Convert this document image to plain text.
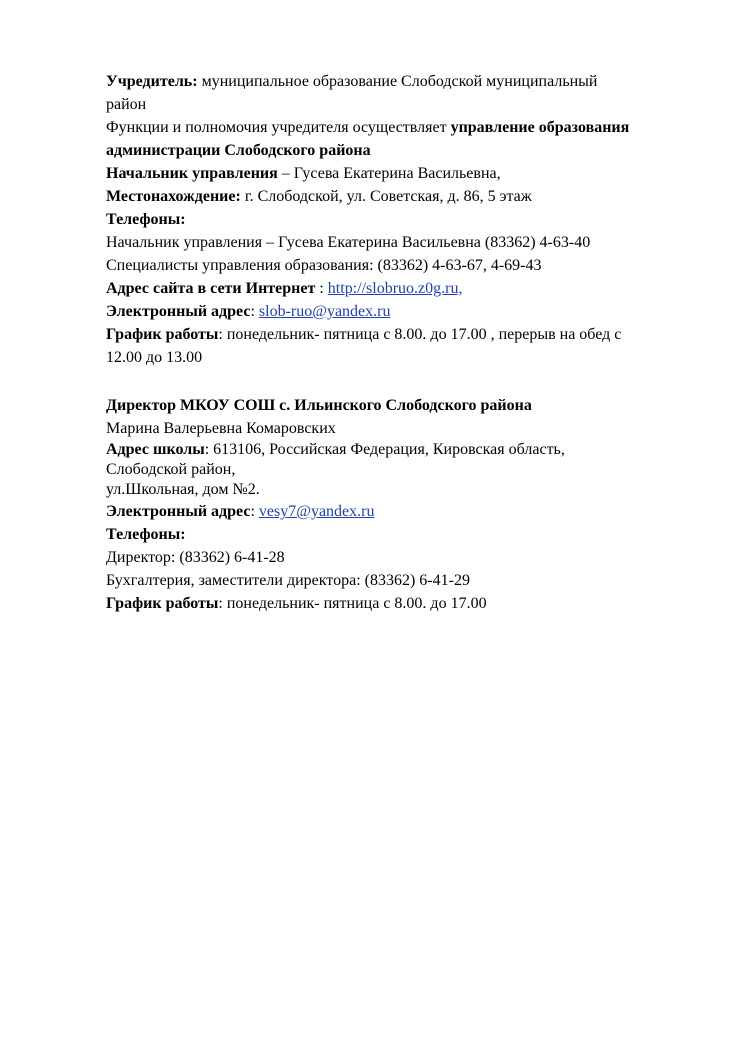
Учредитель: муниципальное образование Слободской муниципальный
район
Функции и полномочия учредителя осуществляет управление образования
администрации Слободского района
Начальник управления – Гусева Екатерина Васильевна,
Местонахождение: г. Слободской, ул. Советская, д. 86, 5 этаж
Телефоны:
Начальник управления – Гусева Екатерина Васильевна (83362) 4-63-40
Специалисты управления образования: (83362) 4-63-67, 4-69-43
Адрес сайта в сети Интернет : http://slobruo.z0g.ru,
Электронный адрес: slob-ruo@yandex.ru
График работы: понедельник- пятница с 8.00. до 17.00 , перерыв на обед с
12.00 до 13.00
Директор МКОУ СОШ с. Ильинского Слободского района
Марина Валерьевна Комаровских
Адрес школы: 613106, Российская Федерация, Кировская область,
Слободской район,
ул.Школьная, дом №2.
Электронный адрес: vesy7@yandex.ru
Телефоны:
Директор: (83362) 6-41-28
Бухгалтерия, заместители директора: (83362) 6-41-29
График работы: понедельник- пятница с 8.00. до 17.00
